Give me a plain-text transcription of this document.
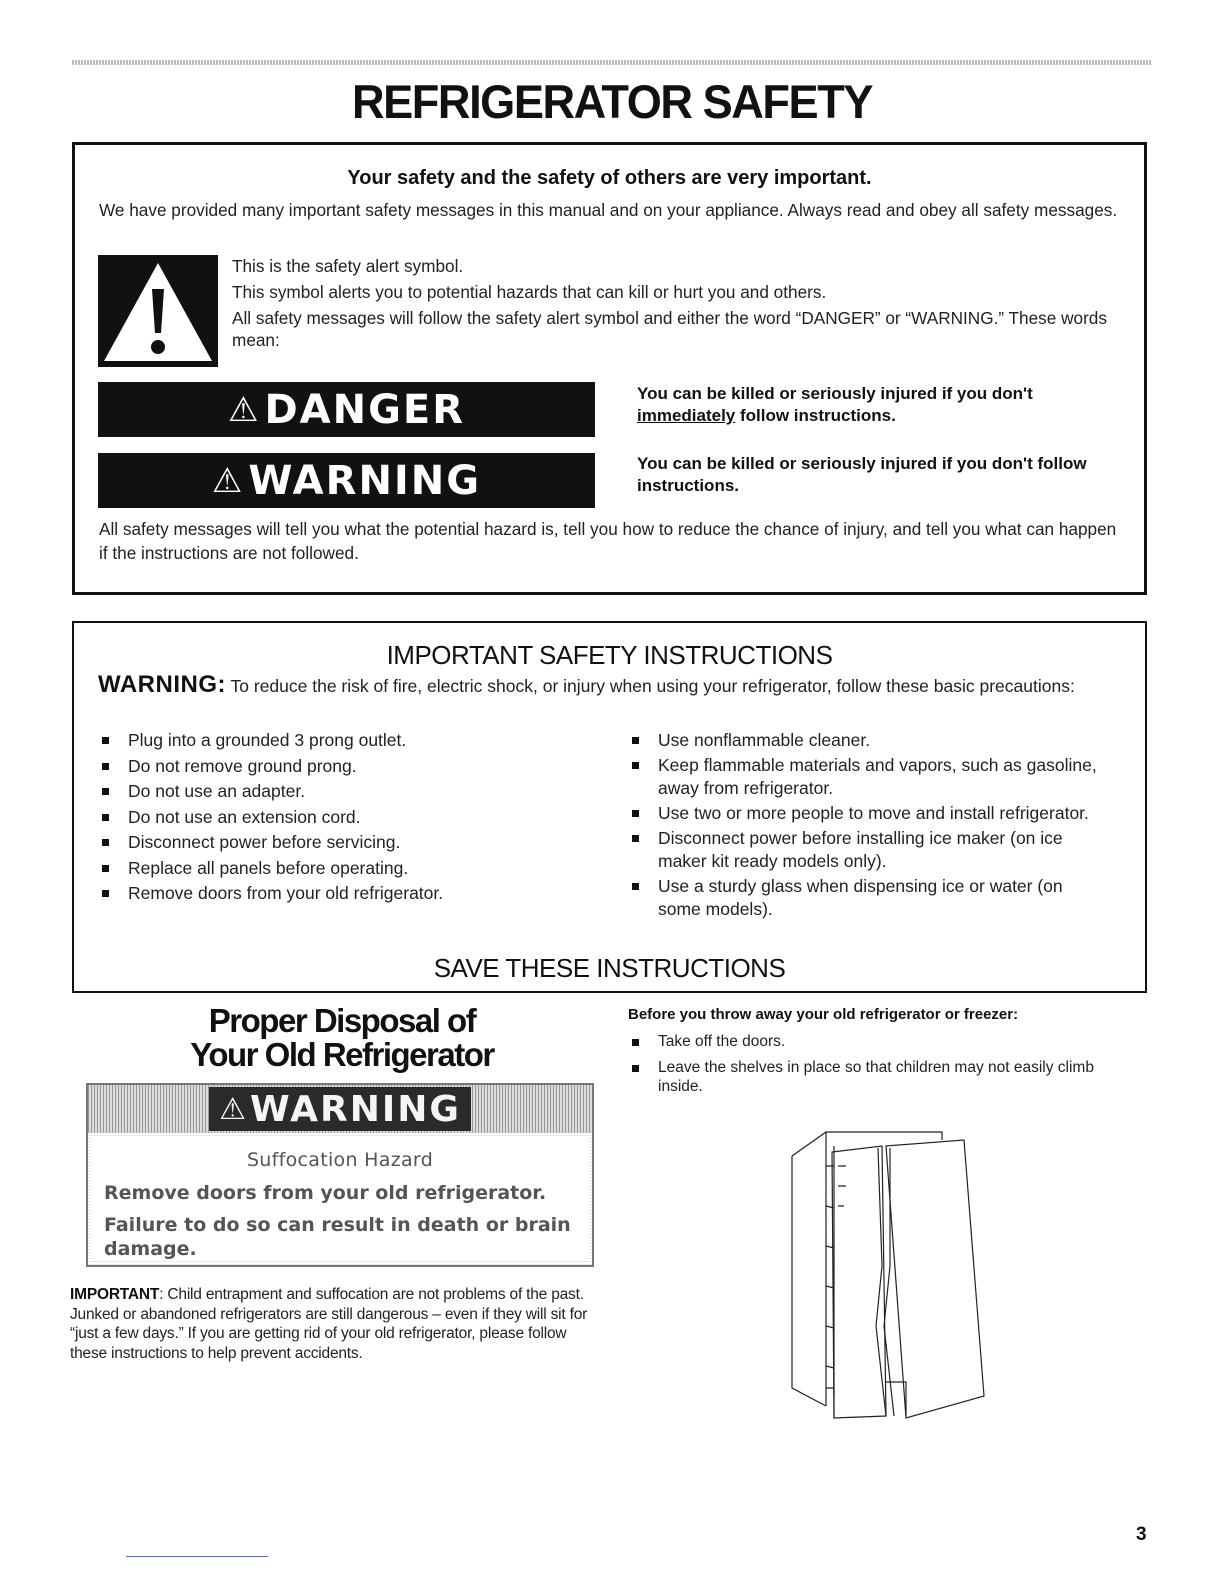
REFRIGERATOR SAFETY
Your safety and the safety of others are very important.
We have provided many important safety messages in this manual and on your appliance. Always read and obey all safety messages.
This is the safety alert symbol.
This symbol alerts you to potential hazards that can kill or hurt you and others.
All safety messages will follow the safety alert symbol and either the word “DANGER” or “WARNING.” These words mean:
⚠ DANGER	You can be killed or seriously injured if you don't immediately follow instructions.
⚠ WARNING	You can be killed or seriously injured if you don't follow instructions.
All safety messages will tell you what the potential hazard is, tell you how to reduce the chance of injury, and tell you what can happen if the instructions are not followed.
IMPORTANT SAFETY INSTRUCTIONS
WARNING: To reduce the risk of fire, electric shock, or injury when using your refrigerator, follow these basic precautions:
Plug into a grounded 3 prong outlet.
Do not remove ground prong.
Do not use an adapter.
Do not use an extension cord.
Disconnect power before servicing.
Replace all panels before operating.
Remove doors from your old refrigerator.
Use nonflammable cleaner.
Keep flammable materials and vapors, such as gasoline, away from refrigerator.
Use two or more people to move and install refrigerator.
Disconnect power before installing ice maker (on ice maker kit ready models only).
Use a sturdy glass when dispensing ice or water (on some models).
SAVE THESE INSTRUCTIONS
Proper Disposal of
Your Old Refrigerator
⚠ WARNING
Suffocation Hazard
Remove doors from your old refrigerator.
Failure to do so can result in death or brain damage.
IMPORTANT: Child entrapment and suffocation are not problems of the past. Junked or abandoned refrigerators are still dangerous – even if they will sit for “just a few days.” If you are getting rid of your old refrigerator, please follow these instructions to help prevent accidents.
Before you throw away your old refrigerator or freezer:
Take off the doors.
Leave the shelves in place so that children may not easily climb inside.
3
